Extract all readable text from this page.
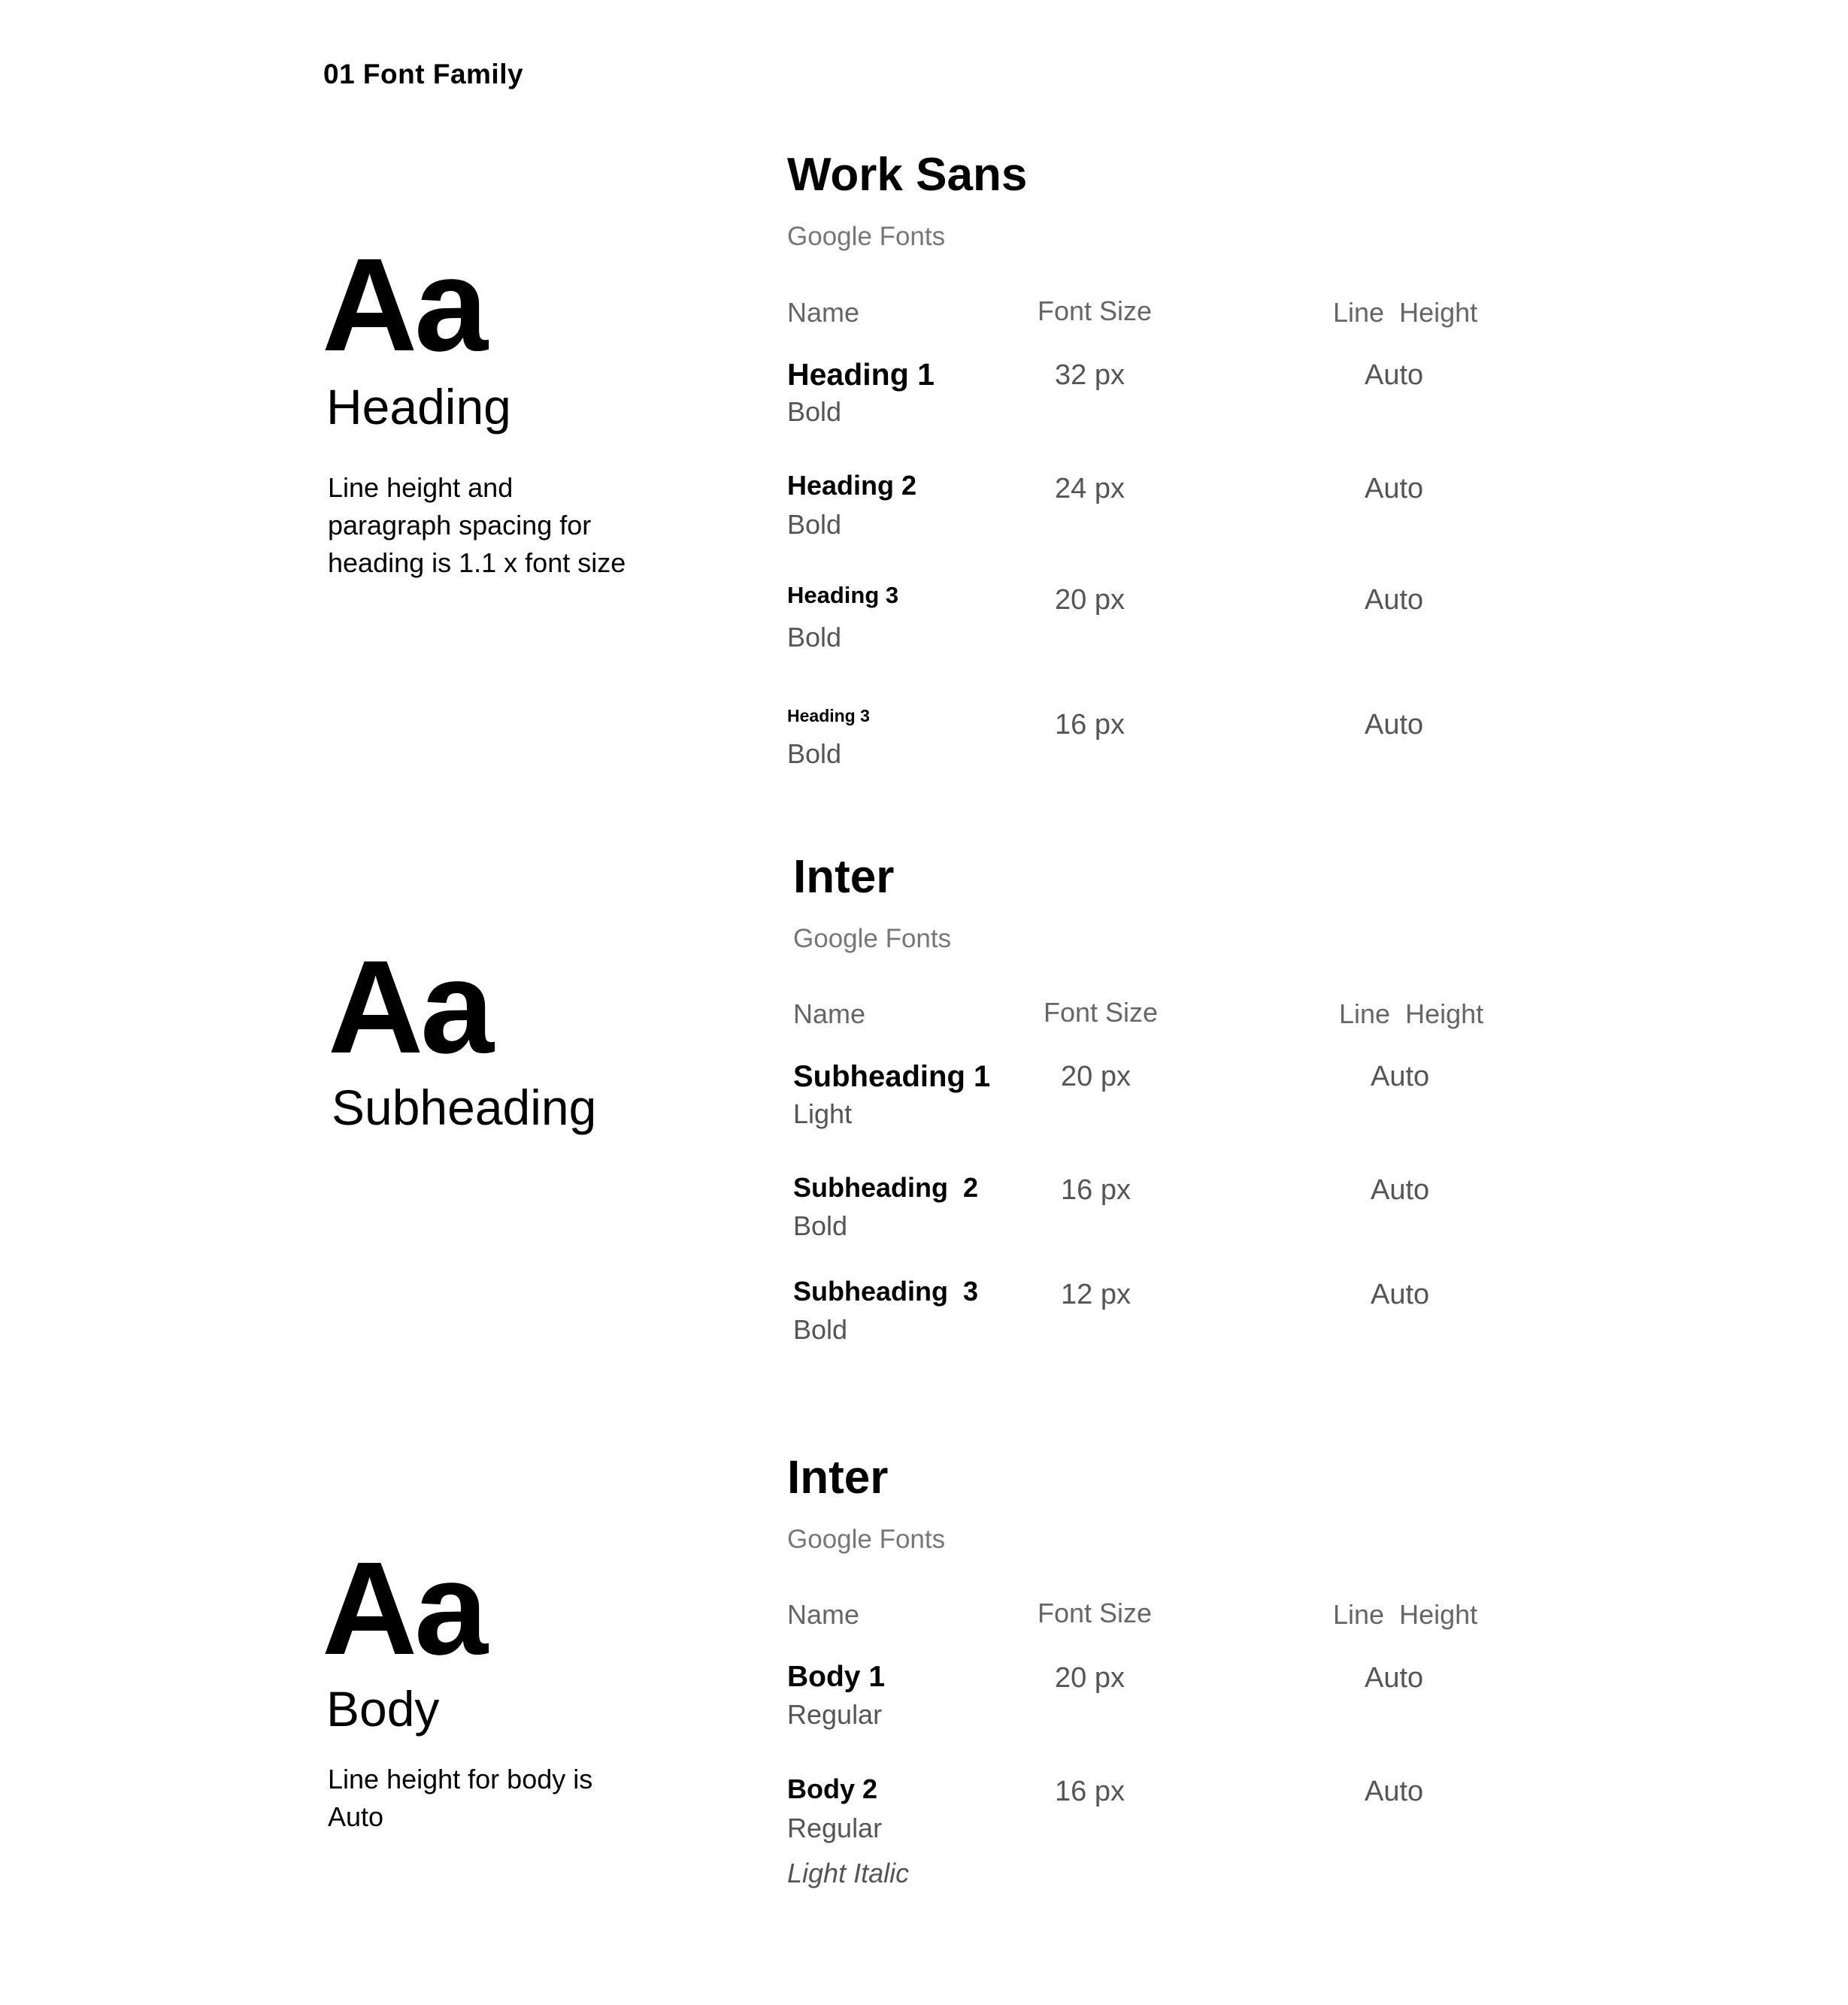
01 Font Family
Aa
Heading
Line height and paragraph spacing for heading is 1.1 x font size
Work Sans
Google Fonts
Name	Font Size	Line  Height
Heading 1
Bold
32 px	Auto
Heading 2
Bold
24 px	Auto
Heading 3
Bold
20 px	Auto
Heading 3
Bold
16 px	Auto
Aa
Subheading
Inter
Google Fonts
Name	Font Size	Line  Height
Subheading 1
Light
20 px	Auto
Subheading  2
Bold
16 px	Auto
Subheading  3
Bold
12 px	Auto
Aa
Body
Line height for body is Auto
Inter
Google Fonts
Name	Font Size	Line  Height
Body 1
Regular
20 px	Auto
Body 2
Regular
16 px	Auto
Light Italic
